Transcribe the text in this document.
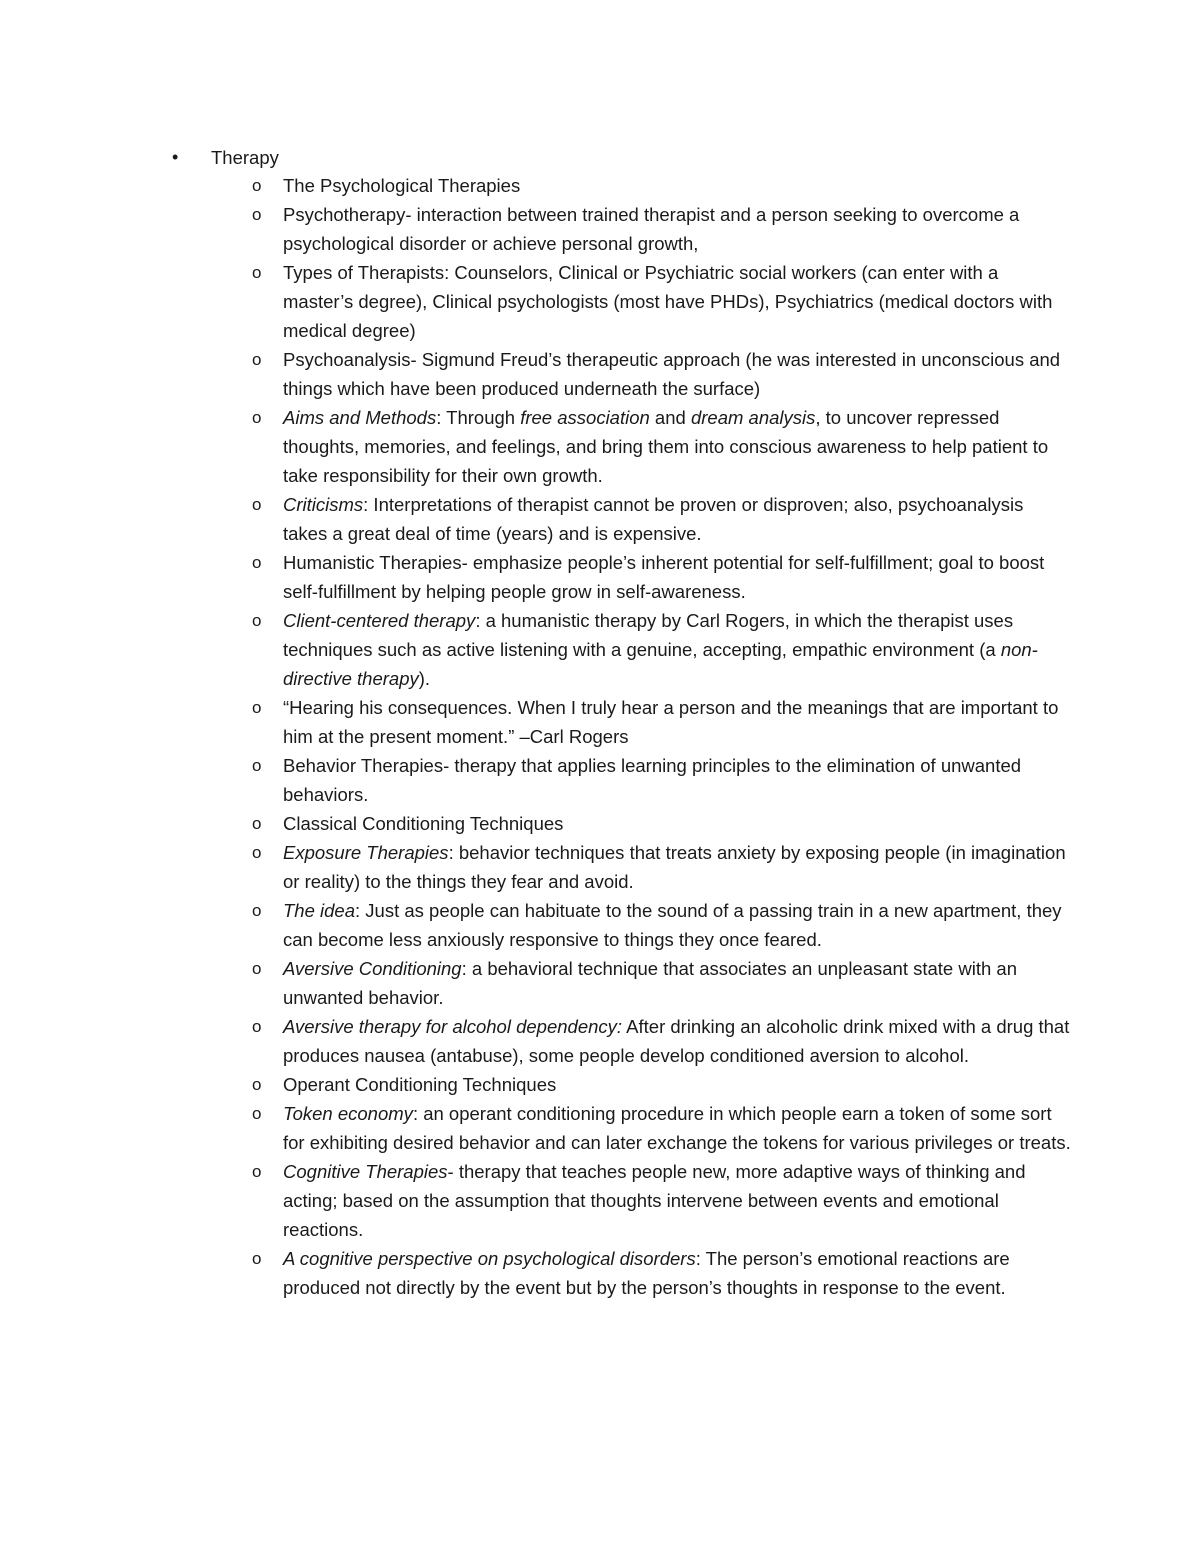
•	Therapy
o The Psychological Therapies
o Psychotherapy- interaction between trained therapist and a person seeking to overcome a psychological disorder or achieve personal growth,
o Types of Therapists: Counselors, Clinical or Psychiatric social workers (can enter with a master’s degree), Clinical psychologists (most have PHDs), Psychiatrics (medical doctors with medical degree)
o Psychoanalysis- Sigmund Freud’s therapeutic approach (he was interested in unconscious and things which have been produced underneath the surface)
o Aims and Methods: Through free association and dream analysis, to uncover repressed thoughts, memories, and feelings, and bring them into conscious awareness to help patient to take responsibility for their own growth.
o Criticisms: Interpretations of therapist cannot be proven or disproven; also, psychoanalysis takes a great deal of time (years) and is expensive.
o Humanistic Therapies- emphasize people’s inherent potential for self-fulfillment; goal to boost self-fulfillment by helping people grow in self-awareness.
o Client-centered therapy: a humanistic therapy by Carl Rogers, in which the therapist uses techniques such as active listening with a genuine, accepting, empathic environment (a non-directive therapy).
o “Hearing his consequences. When I truly hear a person and the meanings that are important to him at the present moment.” –Carl Rogers
o Behavior Therapies- therapy that applies learning principles to the elimination of unwanted behaviors.
o Classical Conditioning Techniques
o Exposure Therapies: behavior techniques that treats anxiety by exposing people (in imagination or reality) to the things they fear and avoid.
o The idea: Just as people can habituate to the sound of a passing train in a new apartment, they can become less anxiously responsive to things they once feared.
o Aversive Conditioning: a behavioral technique that associates an unpleasant state with an unwanted behavior.
o Aversive therapy for alcohol dependency: After drinking an alcoholic drink mixed with a drug that produces nausea (antabuse), some people develop conditioned aversion to alcohol.
o Operant Conditioning Techniques
o Token economy: an operant conditioning procedure in which people earn a token of some sort for exhibiting desired behavior and can later exchange the tokens for various privileges or treats.
o Cognitive Therapies- therapy that teaches people new, more adaptive ways of thinking and acting; based on the assumption that thoughts intervene between events and emotional reactions.
o A cognitive perspective on psychological disorders: The person’s emotional reactions are produced not directly by the event but by the person’s thoughts in response to the event.
